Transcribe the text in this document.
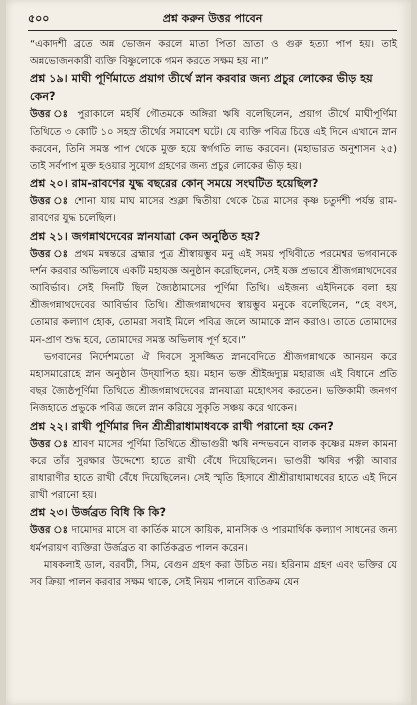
৫০০	প্রশ্ন করুন উত্তর পাবেন

“একাদশী ব্রতে অন্ন ভোজন করলে মাতা পিতা ভ্রাতা ও গুরু হত্যা পাপ হয়। তাই অন্নভোজনকারী ব্যক্তি বিষ্ণুলোকে গমন করতে সক্ষম হয় না।”

প্রশ্ন ১৯। মাঘী পূর্ণিমাতে প্রয়াগ তীর্থে স্নান করবার জন্য প্রচুর লোকের ভীড় হয় কেন?

উত্তর ঃ পুরাকালে মহর্ষি গৌতমকে অঙ্গিরা ঋষি বলেছিলেন, প্রয়াগ তীর্থে মাঘীপূর্ণিমা তিথিতে ৩ কোটি ১০ সহস্র তীর্থের সমাবেশ ঘটে। যে ব্যক্তি পবিত্র চিত্তে এই দিনে এখানে স্নান করবেন, তিনি সমস্ত পাপ থেকে মুক্ত হয়ে স্বর্গগতি লাভ করবেন। (মহাভারত অনুশাসন ২৫) তাই সর্বপাপ মুক্ত হওয়ার সুযোগ গ্রহণের জন্য প্রচুর লোকের ভীড় হয়।

প্রশ্ন ২০। রাম-রাবণের যুদ্ধ বছরের কোন্‌ সময়ে সংঘটিত হয়েছিল?

উত্তর ঃ শোনা যায় মাঘ মাসের শুক্লা দ্বিতীয়া থেকে চৈত্র মাসের কৃষ্ণ চতুর্দশী পর্যন্ত রাম-রাবণের যুদ্ধ চলেছিল।

প্রশ্ন ২১। জগন্নাথদেবের স্নানযাত্রা কেন অনুষ্ঠিত হয়?

উত্তর ঃ প্রথম মন্বন্তরে ব্রহ্মার পুত্র শ্রীস্বায়ম্ভুব মনু এই সময় পৃথিবীতে পরমেশ্বর ভগবানকে দর্শন করবার অভিলাষে একটি মহাযজ্ঞ অনুষ্ঠান করেছিলেন, সেই যজ্ঞ প্রভাবে শ্রীজগন্নাথদেবের আবির্ভাব। সেই দিনটি ছিল জ্যৈষ্ঠামাসের পূর্ণিমা তিথি। এইজন্য এইদিনকে বলা হয় শ্রীজগন্নাথদেবের আবির্ভাব তিথি। শ্রীজগন্নাথদেব স্বায়ম্ভুব মনুকে বলেছিলেন, “হে বৎস, তোমার কল্যাণ হোক, তোমরা সবাই মিলে পবিত্র জলে আমাকে স্নান করাও। তাতে তোমাদের মন-প্রাণ শুদ্ধ হবে, তোমাদের সমস্ত অভিলাষ পূর্ণ হবে।”

ভগবানের নির্দেশমতো ঐ দিবসে সুসজ্জিত স্নানবেদিতে শ্রীজগন্নাথকে আনয়ন করে মহাসমারোহে স্নান অনুষ্ঠান উদ্‌যাপিত হয়। মহান ভক্ত শ্রীইন্দ্রদ্যুম্ন মহারাজ এই বিধানে প্রতি বছর জ্যৈষ্ঠপূর্ণিমা তিথিতে শ্রীজগন্নাথদেবের স্নানযাত্রা মহোৎসব করতেন। ভক্তিকামী জনগণ নিজহাতে প্রভুকে পবিত্র জলে স্নান করিয়ে সুকৃতি সঞ্চয় করে থাকেন।

প্রশ্ন ২২। রাখী পূর্ণিমার দিন শ্রীশ্রীরাধামাধবকে রাখী পরানো হয় কেন?

উত্তর ঃ শ্রাবণ মাসের পূর্ণিমা তিথিতে শ্রীভাগুরী ঋষি নন্দভবনে বালক কৃষ্ণের মঙ্গল কামনা করে তাঁর সুরক্ষার উদ্দেশ্যে হাতে রাখী বেঁধে দিয়েছিলেন। ভাণ্ডরী ঋষির পত্নী আবার রাধারাণীর হাতে রাখী বেঁধে দিয়েছিলেন। সেই স্মৃতি হিসাবে শ্রীশ্রীরাধামাধবের হাতে এই দিনে রাখী পরানো হয়।

প্রশ্ন ২৩। উর্জব্রত বিধি কি কি?

উত্তর ঃ দামোদর মাসে বা কার্তিক মাসে কায়িক, মানসিক ও পারমার্থিক কল্যাণ সাধনের জন্য ধর্মপরায়ণ ব্যক্তিরা উর্জব্রত বা কার্তিকব্রত পালন করেন।

মাষকলাই ডাল, বরবটী, সিম, বেগুন গ্রহণ করা উচিত নয়। হরিনাম গ্রহণ এবং ভক্তির যে সব ক্রিয়া পালন করবার সক্ষম থাকে, সেই নিয়ম পালনে ব্যতিক্রম যেন
